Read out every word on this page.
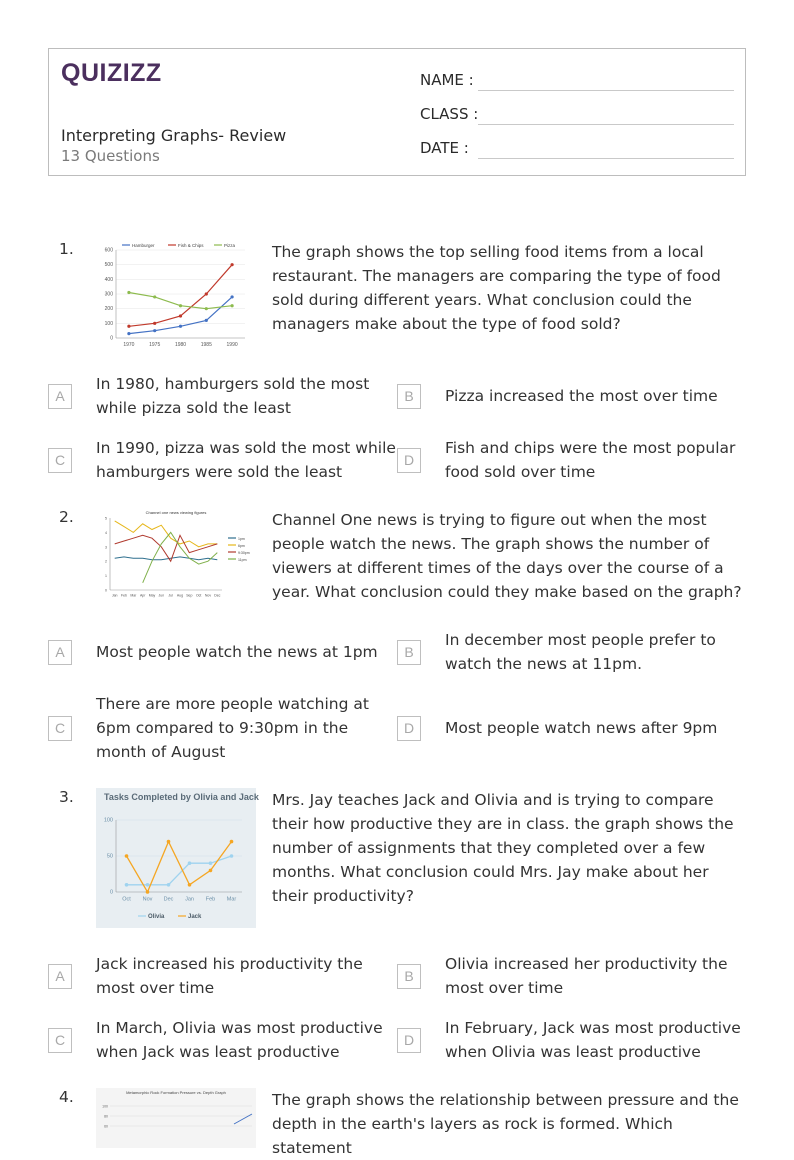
QUIZIZZ
Interpreting Graphs- Review
13 Questions
NAME :
CLASS :
DATE :
1.
0
100
200
300
400
500
600
1970	1975	1980	1985	1990
Hamburger	Fish & Chips	Pizza The graph shows the top selling food items from a local restaurant. The managers are comparing the type of food sold during different years. What conclusion could the managers make about the type of food sold?
A
In 1980, hamburgers sold the most while pizza sold the least
B	Pizza increased the most over time
C
In 1990, pizza was sold the most while hamburgers were sold the least
D
Fish and chips were the most popular food sold over time
2.	Channel one news viewing figures
0
1
2
3
4
5
Jan Feb Mar Apr May Jun Jul Aug Sep Oct Nov Dec
1pm
6pm
9:30pm
11pm
Channel One news is trying to figure out when the most people watch the news. The graph shows the number of viewers at different times of the days over the course of a year. What conclusion could they make based on the graph?
A	Most people watch the news at 1pm	B
In december most people prefer to watch the news at 11pm.
C
There are more people watching at 6pm compared to 9:30pm in the month of August
D	Most people watch news after 9pm
3.	Tasks Completed by Olivia and Jack
0
50
100
Oct Nov Dec Jan Feb Mar
Olivia	Jack
Mrs. Jay teaches Jack and Olivia and is trying to compare their how productive they are in class. the graph shows the number of assignments that they completed over a few months. What conclusion could Mrs. Jay make about her their productivity?
A
Jack increased his productivity the most over time
B
Olivia increased her productivity the most over time
C
In March, Olivia was most productive when Jack was least productive
D
In February, Jack was most productive when Olivia was least productive
4.	Metamorphic Rock Formation Pressure vs. Depth Graph
100
80
60
The graph shows the relationship between pressure and the depth in the earth's layers as rock is formed. Which statement
